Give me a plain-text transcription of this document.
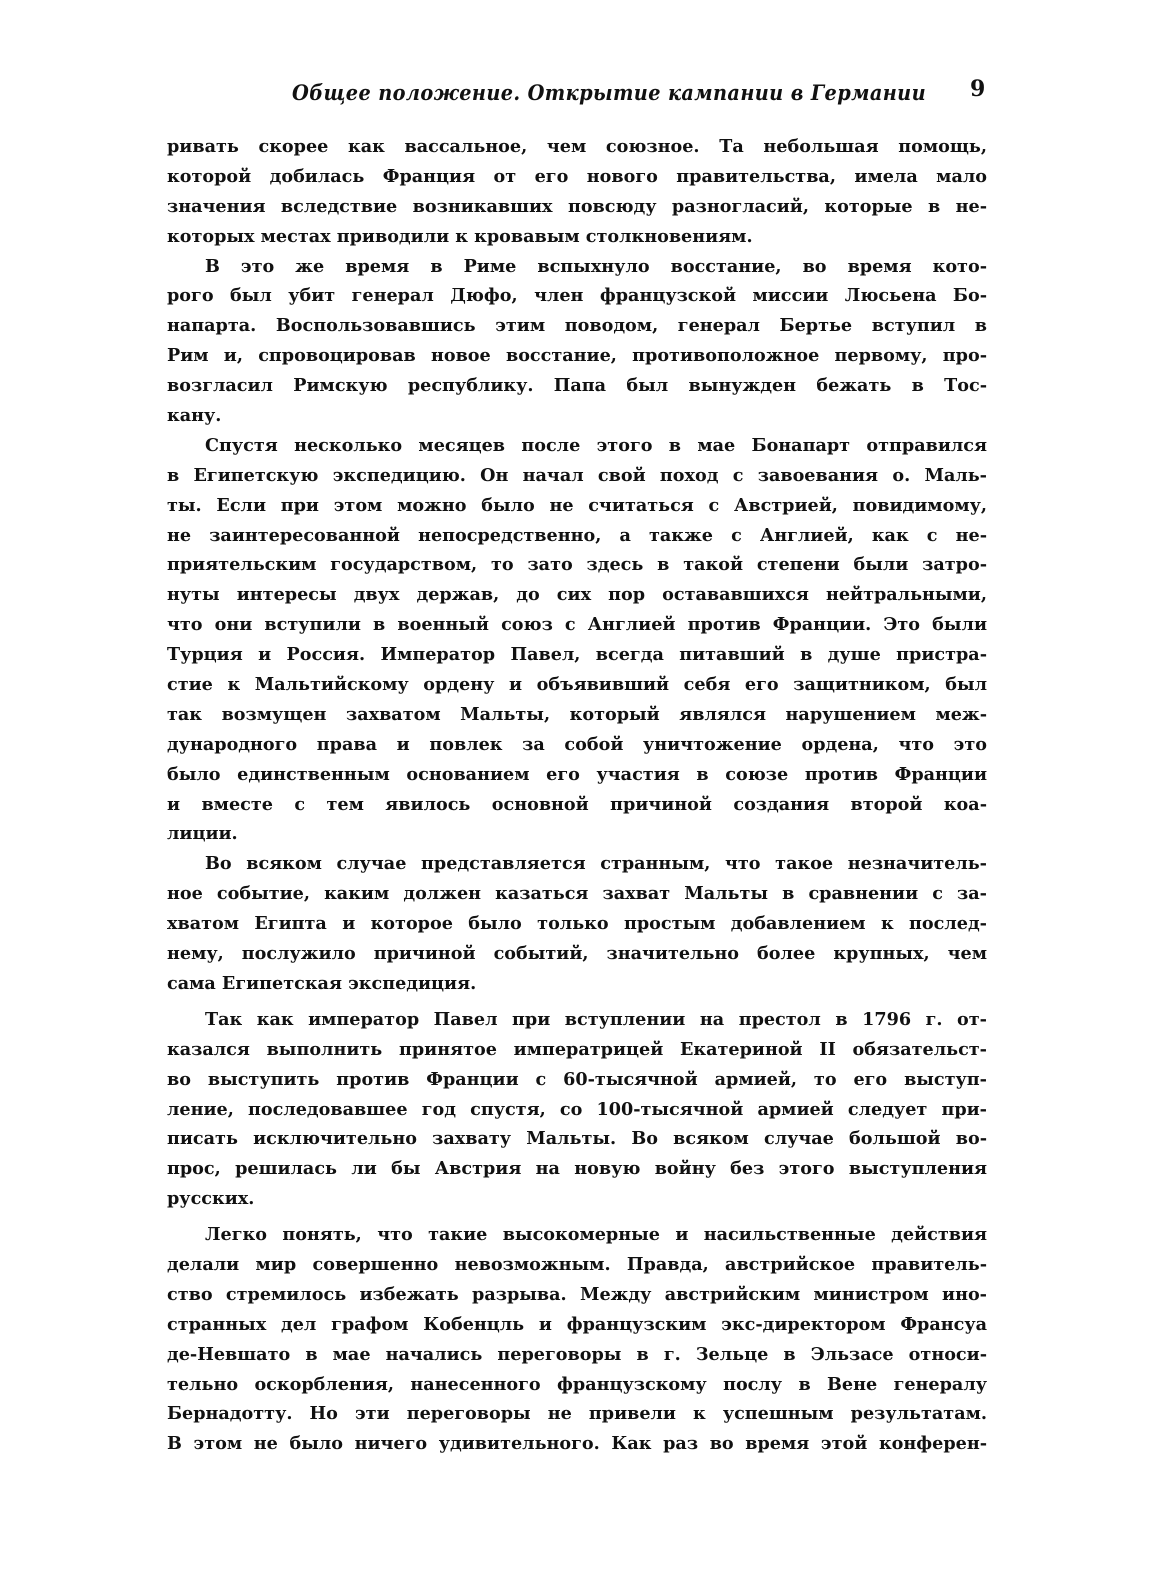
Общее положение. Открытие кампании в Германии 9
ривать скорее как вассальное, чем союзное. Та небольшая помощь,
которой добилась Франция от его нового правительства, имела мало
значения вследствие возникавших повсюду разногласий, которые в не-
которых местах приводили к кровавым столкновениям.
В это же время в Риме вспыхнуло восстание, во время кото-
рого был убит генерал Дюфо, член французской миссии Люсьена Бо-
напарта. Воспользовавшись этим поводом, генерал Бертье вступил в
Рим и, спровоцировав новое восстание, противоположное первому, про-
возгласил Римскую республику. Папа был вынужден бежать в Тос-
кану.
Спустя несколько месяцев после этого в мае Бонапарт отправился
в Египетскую экспедицию. Он начал свой поход с завоевания о. Маль-
ты. Если при этом можно было не считаться с Австрией, повидимому,
не заинтересованной непосредственно, а также с Англией, как с не-
приятельским государством, то зато здесь в такой степени были затро-
нуты интересы двух держав, до сих пор остававшихся нейтральными,
что они вступили в военный союз с Англией против Франции. Это были
Турция и Россия. Император Павел, всегда питавший в душе пристра-
стие к Мальтийскому ордену и объявивший себя его защитником, был
так возмущен захватом Мальты, который являлся нарушением меж-
дународного права и повлек за собой уничтожение ордена, что это
было единственным основанием его участия в союзе против Франции
и вместе с тем явилось основной причиной создания второй коа-
лиции.
Во всяком случае представляется странным, что такое незначитель-
ное событие, каким должен казаться захват Мальты в сравнении с за-
хватом Египта и которое было только простым добавлением к послед-
нему, послужило причиной событий, значительно более крупных, чем
сама Египетская экспедиция.
Так как император Павел при вступлении на престол в 1796 г. от-
казался выполнить принятое императрицей Екатериной II обязательст-
во выступить против Франции с 60-тысячной армией, то его выступ-
ление, последовавшее год спустя, со 100-тысячной армией следует при-
писать исключительно захвату Мальты. Во всяком случае большой во-
прос, решилась ли бы Австрия на новую войну без этого выступления
русских.
Легко понять, что такие высокомерные и насильственные действия
делали мир совершенно невозможным. Правда, австрийское правитель-
ство стремилось избежать разрыва. Между австрийским министром ино-
странных дел графом Кобенцль и французским экс-директором Франсуа
де-Невшато в мае начались переговоры в г. Зельце в Эльзасе относи-
тельно оскорбления, нанесенного французскому послу в Вене генералу
Бернадотту. Но эти переговоры не привели к успешным результатам.
В этом не было ничего удивительного. Как раз во время этой конферен-
